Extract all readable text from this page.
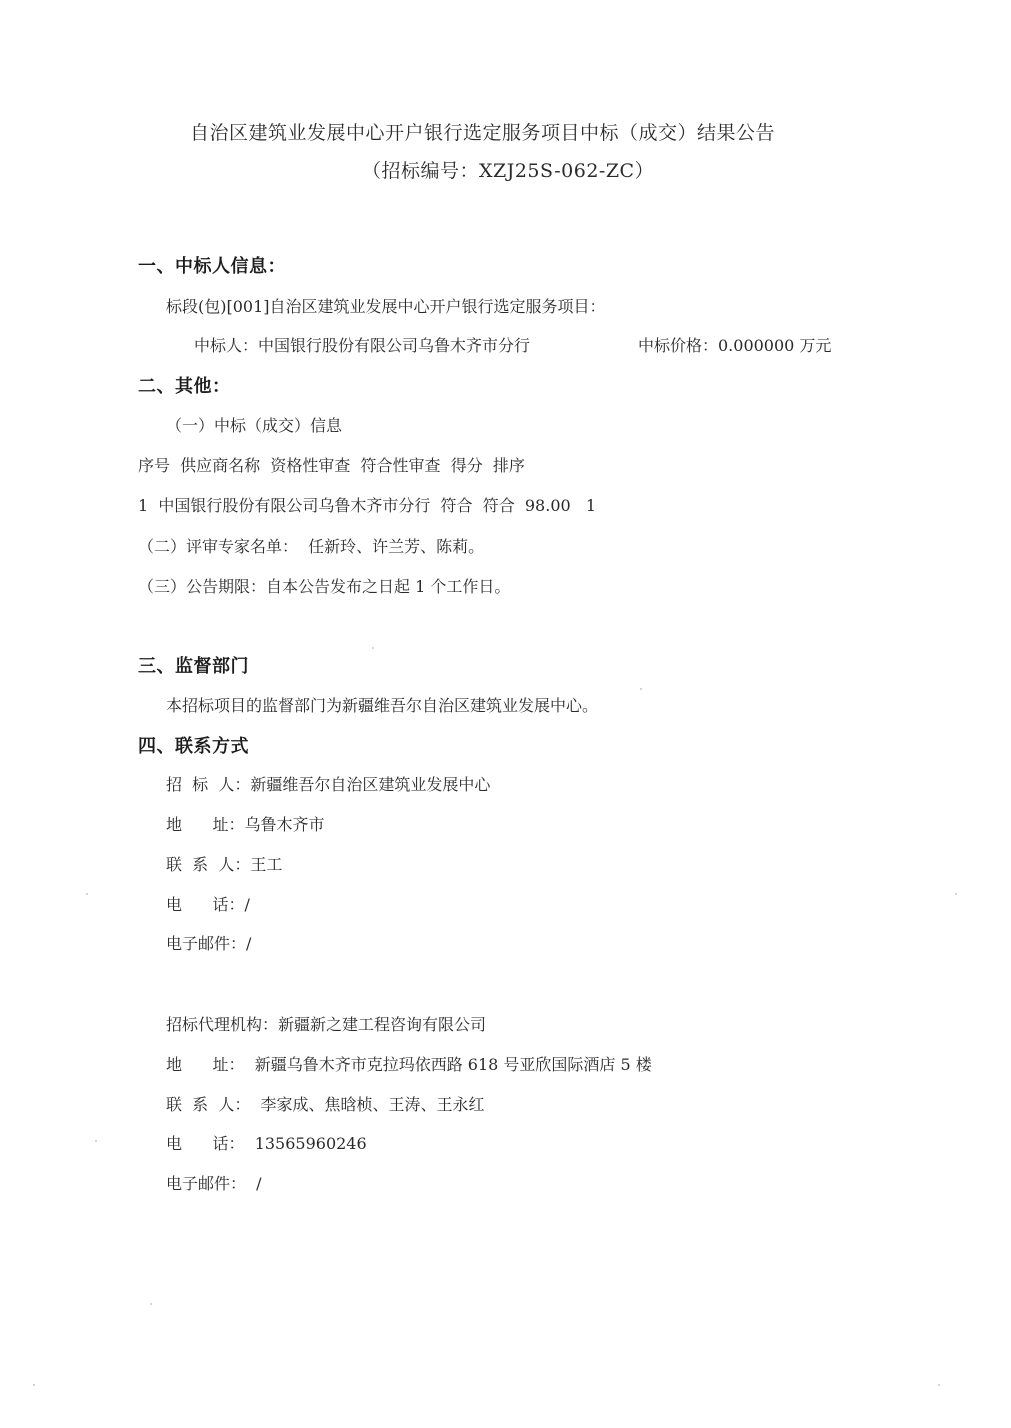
自治区建筑业发展中心开户银行选定服务项目中标（成交）结果公告
（招标编号：XZJ25S-062-ZC）
一、中标人信息：
标段(包)[001]自治区建筑业发展中心开户银行选定服务项目：
中标人：中国银行股份有限公司乌鲁木齐市分行	中标价格：0.000000 万元
二、其他：
（一）中标（成交）信息
序号  供应商名称  资格性审查  符合性审查  得分  排序
1  中国银行股份有限公司乌鲁木齐市分行  符合  符合  98.00   1
（二）评审专家名单：  任新玲、许兰芳、陈莉。
（三）公告期限：自本公告发布之日起 1 个工作日。
三、监督部门
本招标项目的监督部门为新疆维吾尔自治区建筑业发展中心。
四、联系方式
招  标  人：新疆维吾尔自治区建筑业发展中心
地      址：乌鲁木齐市
联  系  人：王工
电      话：/
电子邮件：/
招标代理机构：新疆新之建工程咨询有限公司
地      址：  新疆乌鲁木齐市克拉玛依西路 618 号亚欣国际酒店 5 楼
联  系  人：  李家成、焦晗桢、王涛、王永红
电      话：  13565960246
电子邮件：  /
